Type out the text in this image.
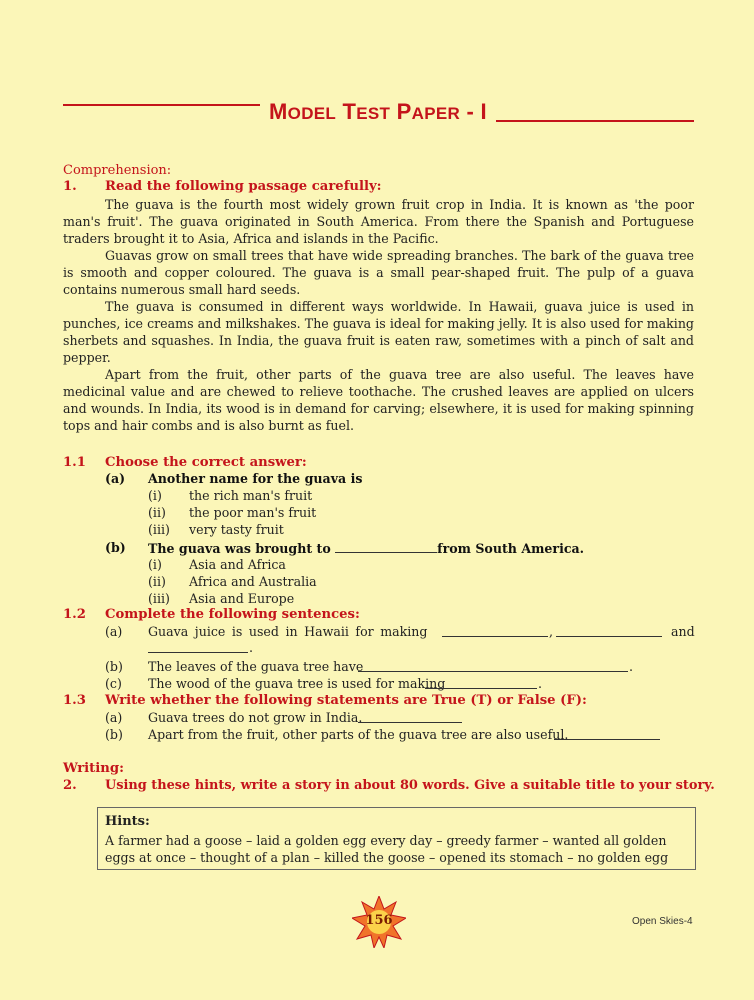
MODEL TEST PAPER - I
Comprehension:
1. Read the following passage carefully:

The guava is the fourth most widely grown fruit crop in India. It is known as 'the poor man's fruit'. The guava originated in South America. From there the Spanish and Portuguese traders brought it to Asia, Africa and islands in the Pacific.

Guavas grow on small trees that have wide spreading branches. The bark of the guava tree is smooth and copper coloured. The guava is a small pear-shaped fruit. The pulp of a guava contains numerous small hard seeds.

The guava is consumed in different ways worldwide. In Hawaii, guava juice is used in punches, ice creams and milkshakes. The guava is ideal for making jelly. It is also used for making sherbets and squashes. In India, the guava fruit is eaten raw, sometimes with a pinch of salt and pepper.

Apart from the fruit, other parts of the guava tree are also useful. The leaves have medicinal value and are chewed to relieve toothache. The crushed leaves are applied on ulcers and wounds. In India, its wood is in demand for carving; elsewhere, it is used for making spinning tops and hair combs and is also burnt as fuel.

1.1 Choose the correct answer:
(a) Another name for the guava is
(i) the rich man's fruit
(ii) the poor man's fruit
(iii) very tasty fruit
(b) The guava was brought to	from South America.
(i) Asia and Africa
(ii) Africa and Australia
(iii) Asia and Europe
1.2 Complete the following sentences:
(a) Guava juice is used in Hawaii for making	,	and
.
(b) The leaves of the guava tree have	.
(c) The wood of the guava tree is used for making	.
1.3 Write whether the following statements are True (T) or False (F):
(a) Guava trees do not grow in India.
(b) Apart from the fruit, other parts of the guava tree are also useful.
Writing:
2. Using these hints, write a story in about 80 words. Give a suitable title to your story.
Hints:
A farmer had a goose – laid a golden egg every day – greedy farmer – wanted all golden eggs at once – thought of a plan – killed the goose – opened its stomach – no golden egg
156	Open Skies-4
